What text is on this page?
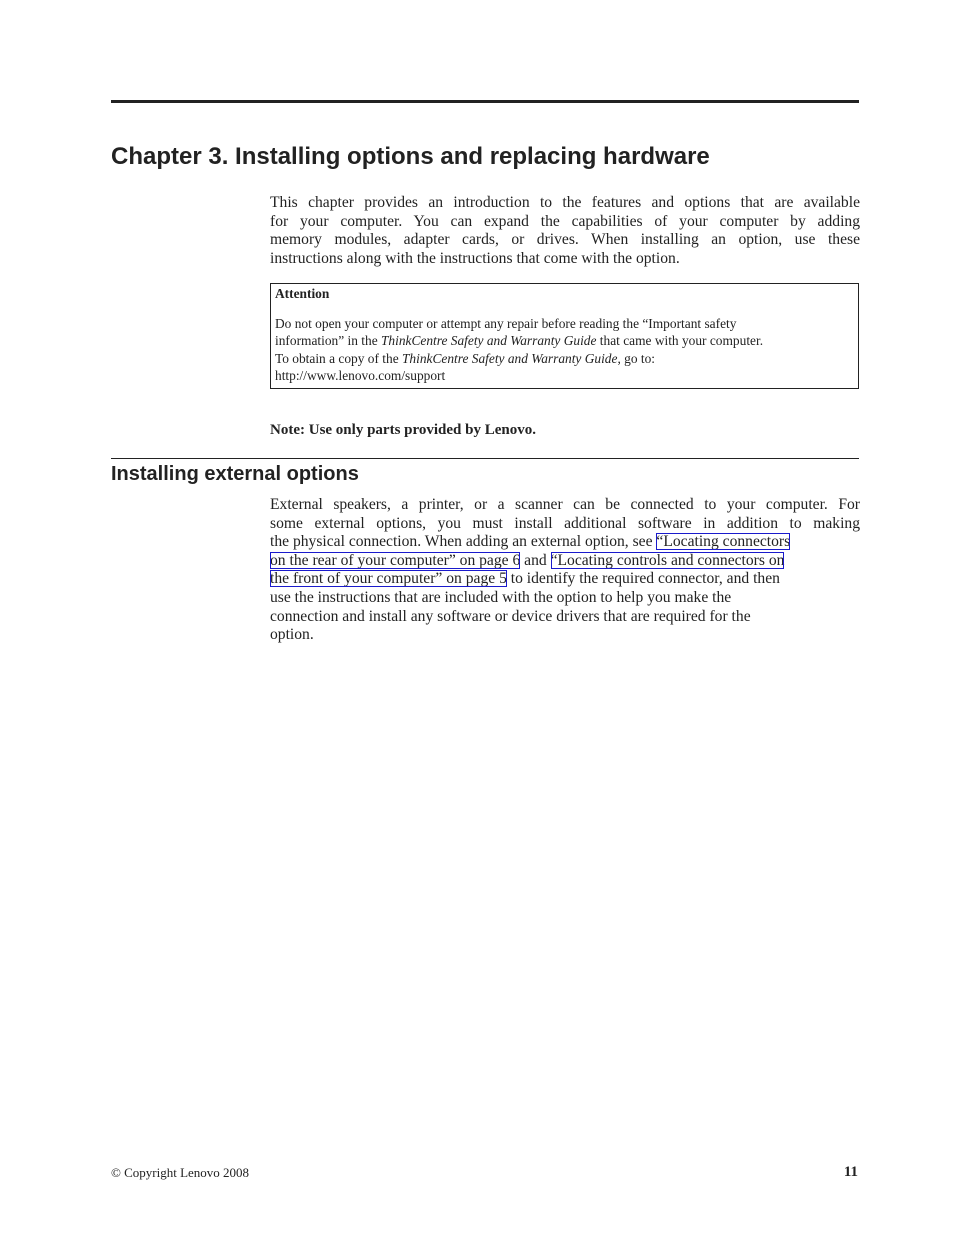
Chapter 3. Installing options and replacing hardware
This chapter provides an introduction to the features and options that are available
for your computer. You can expand the capabilities of your computer by adding
memory modules, adapter cards, or drives. When installing an option, use these
instructions along with the instructions that come with the option.
Attention
Do not open your computer or attempt any repair before reading the “Important safety
information” in the ThinkCentre Safety and Warranty Guide that came with your computer.
To obtain a copy of the ThinkCentre Safety and Warranty Guide, go to:
http://www.lenovo.com/support

Note: Use only parts provided by Lenovo.

Installing external options
External speakers, a printer, or a scanner can be connected to your computer. For
some external options, you must install additional software in addition to making
the physical connection. When adding an external option, see “Locating connectors
on the rear of your computer” on page 6 and “Locating controls and connectors on
the front of your computer” on page 5 to identify the required connector, and then
use the instructions that are included with the option to help you make the
connection and install any software or device drivers that are required for the
option.
© Copyright Lenovo 2008	11
